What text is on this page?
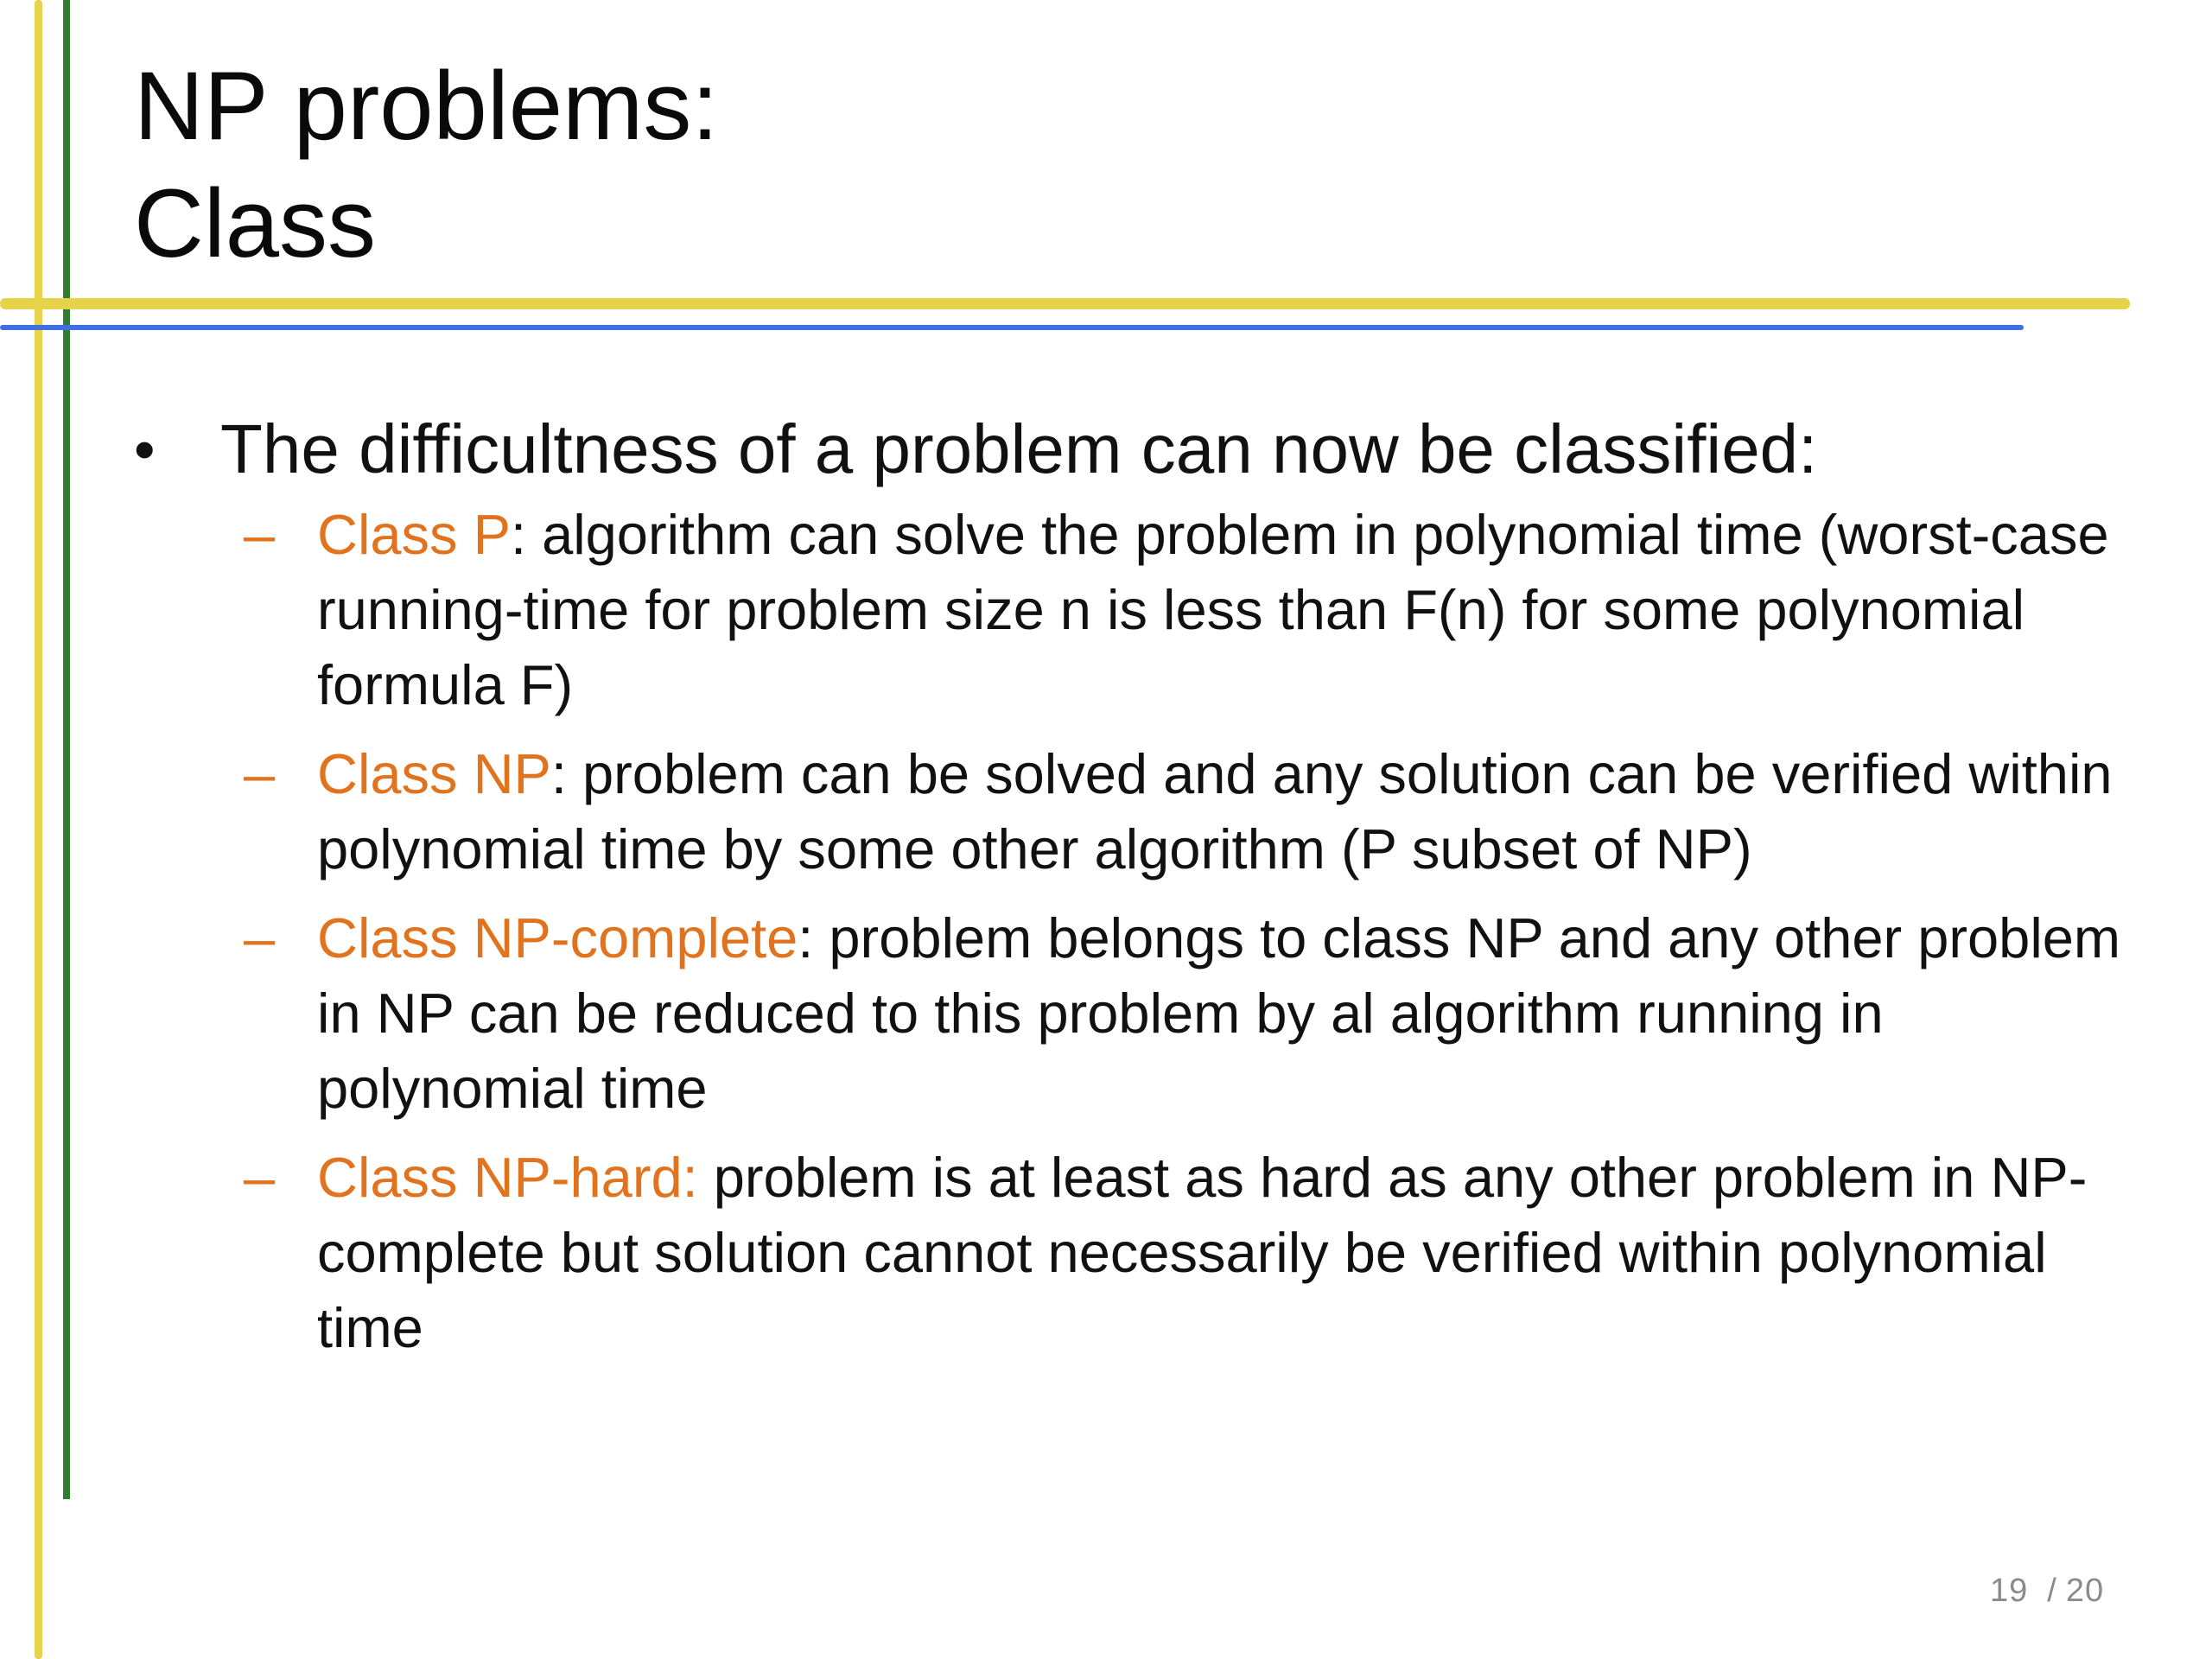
NP problems:
Class
• The difficultness of a problem can now be classified:
– Class P: algorithm can solve the problem in polynomial time (worst-case running-time for problem size n is less than F(n) for some polynomial formula F)
– Class NP: problem can be solved and any solution can be verified within polynomial time by some other algorithm (P subset of NP)
– Class NP-complete: problem belongs to class NP and any other problem in NP can be reduced to this problem by al algorithm running in polynomial time
– Class NP-hard: problem is at least as hard as any other problem in NP-complete but solution cannot necessarily be verified within polynomial time
19 / 20
